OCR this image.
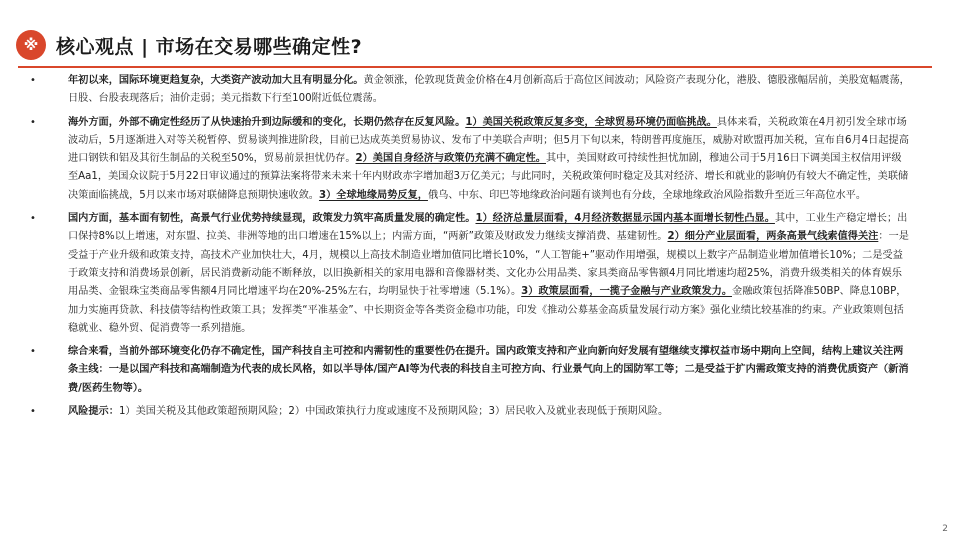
※ 核心观点 | 市场在交易哪些确定性?
•	年初以来，国际环境更趋复杂，大类资产波动加大且有明显分化。黄金领涨，伦敦现货黄金价格在4月创新高后于高位区间波动；风险资产表现分化，港股、德股涨幅居前，美股宽幅震荡，日股、台股表现落后；油价走弱；美元指数下行至100附近低位震荡。
•	海外方面，外部不确定性经历了从快速抬升到边际缓和的变化，长期仍然存在反复风险。1）美国关税政策反复多变，全球贸易环境仍面临挑战。具体来看，关税政策在4月初引发全球市场波动后，5月逐渐进入对等关税暂停、贸易谈判推进阶段，目前已达成英美贸易协议、发布了中美联合声明；但5月下旬以来，特朗普再度施压，威胁对欧盟再加关税，宣布自6月4日起提高进口钢铁和铝及其衍生制品的关税至50%，贸易前景担忧仍存。2）美国自身经济与政策仍充满不确定性。其中，美国财政可持续性担忧加剧，穆迪公司于5月16日下调美国主权信用评级至Aa1，美国众议院于5月22日审议通过的预算法案将带来未来十年内财政赤字增加超3万亿美元；与此同时，关税政策何时稳定及其对经济、增长和就业的影响仍有较大不确定性，美联储决策面临挑战，5月以来市场对联储降息预期快速收敛。3）全球地缘局势反复，俄乌、中东、印巴等地缘政治问题有谈判也有分歧，全球地缘政治风险指数升至近三年高位水平。
•	国内方面，基本面有韧性，高景气行业优势持续显现，政策发力筑牢高质量发展的确定性。1）经济总量层面看，4月经济数据显示国内基本面增长韧性凸显。其中，工业生产稳定增长；出口保持8%以上增速，对东盟、拉美、非洲等地的出口增速在15%以上；内需方面，“两新”政策及财政发力继续支撑消费、基建韧性。2）细分产业层面看，两条高景气线索值得关注：一是受益于产业升级和政策支持，高技术产业加快壮大，4月，规模以上高技术制造业增加值同比增长10%，“人工智能+”驱动作用增强，规模以上数字产品制造业增加值增长10%；二是受益于政策支持和消费场景创新，居民消费新动能不断释放，以旧换新相关的家用电器和音像器材类、文化办公用品类、家具类商品零售额4月同比增速均超25%，消费升级类相关的体育娱乐用品类、金银珠宝类商品零售额4月同比增速平均在20%-25%左右，均明显快于社零增速（5.1%）。3）政策层面看，一揽子金融与产业政策发力。金融政策包括降准50BP、降息10BP，加力实施再贷款、科技债等结构性政策工具；发挥类“平准基金”、中长期资金等各类资金稳市功能，印发《推动公募基金高质量发展行动方案》强化业绩比较基准的约束。产业政策则包括稳就业、稳外贸、促消费等一系列措施。
•	综合来看，当前外部环境变化仍存不确定性，国产科技自主可控和内需韧性的重要性仍在提升。国内政策支持和产业向新向好发展有望继续支撑权益市场中期向上空间，结构上建议关注两条主线：一是以国产科技和高端制造为代表的成长风格，如以半导体/国产AI等为代表的科技自主可控方向、行业景气向上的国防军工等；二是受益于扩内需政策支持的消费优质资产（新消费/医药生物等）。
•	风险提示：1）美国关税及其他政策超预期风险；2）中国政策执行力度或速度不及预期风险；3）居民收入及就业表现低于预期风险。
2
